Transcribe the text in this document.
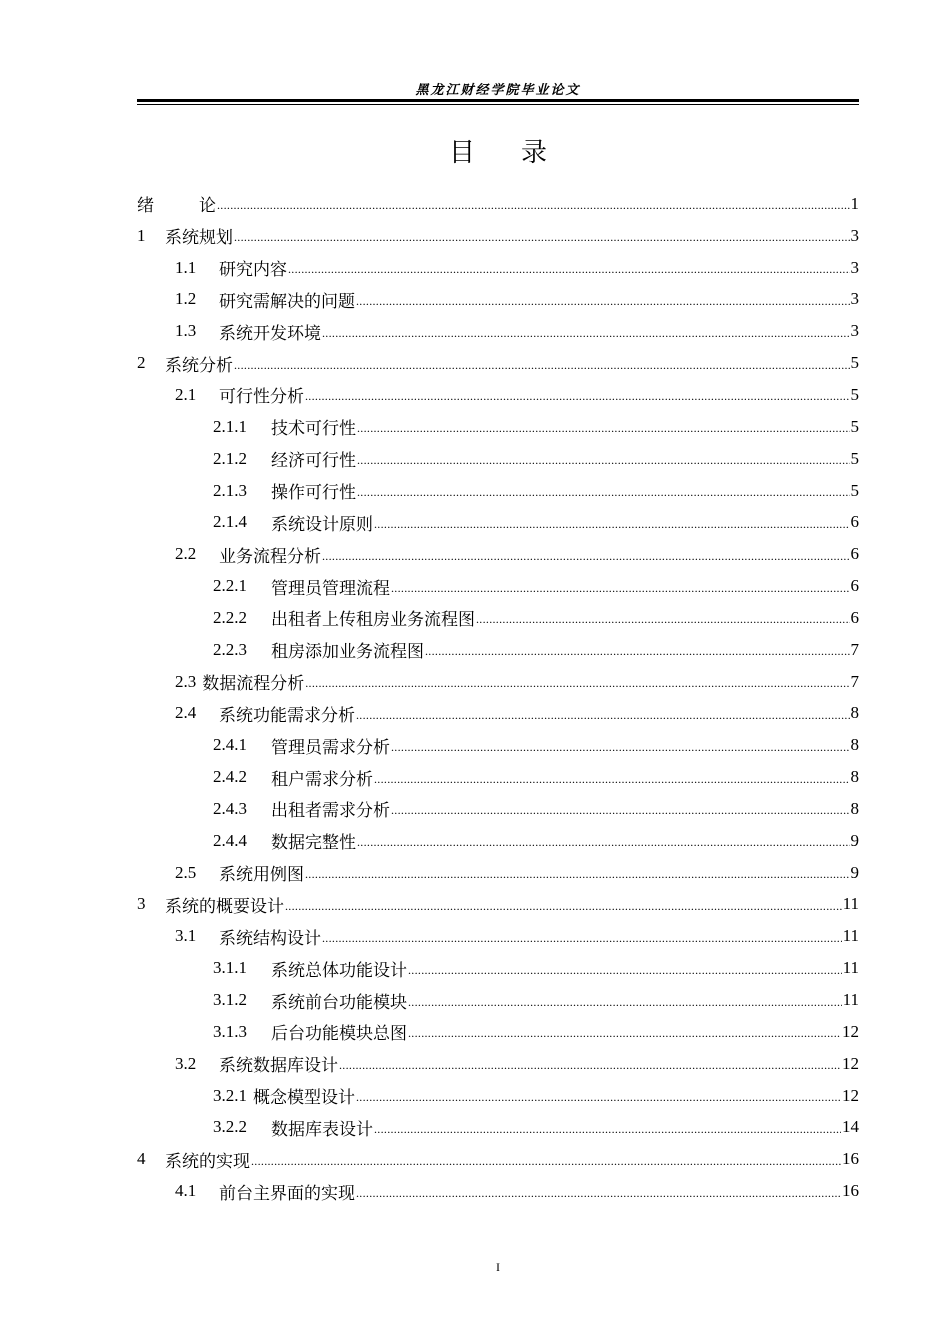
黑龙江财经学院毕业论文
目录
绪	论 .....	1
1	系统规划 .....	3
1.1	研究内容 .....	3
1.2	研究需解决的问题 .....	3
1.3	系统开发环境 .....	3
2	系统分析 .....	5
2.1	可行性分析 .....	5
2.1.1	技术可行性 .....	5
2.1.2	经济可行性 .....	5
2.1.3	操作可行性 .....	5
2.1.4	系统设计原则 .....	6
2.2	业务流程分析 .....	6
2.2.1	管理员管理流程 .....	6
2.2.2	出租者上传租房业务流程图 .....	6
2.2.3	租房添加业务流程图 .....	7
2.3 数据流程分析 .....	7
2.4	系统功能需求分析 .....	8
2.4.1	管理员需求分析 .....	8
2.4.2	租户需求分析 .....	8
2.4.3	出租者需求分析 .....	8
2.4.4	数据完整性 .....	9
2.5	系统用例图 .....	9
3	系统的概要设计 .....	11
3.1	系统结构设计 .....	11
3.1.1	系统总体功能设计 .....	11
3.1.2	系统前台功能模块 .....	11
3.1.3	后台功能模块总图 .....	12
3.2	系统数据库设计 .....	12
3.2.1 概念模型设计 .....	12
3.2.2	数据库表设计 .....	14
4	系统的实现 .....	16
4.1	前台主界面的实现 .....	16
I
